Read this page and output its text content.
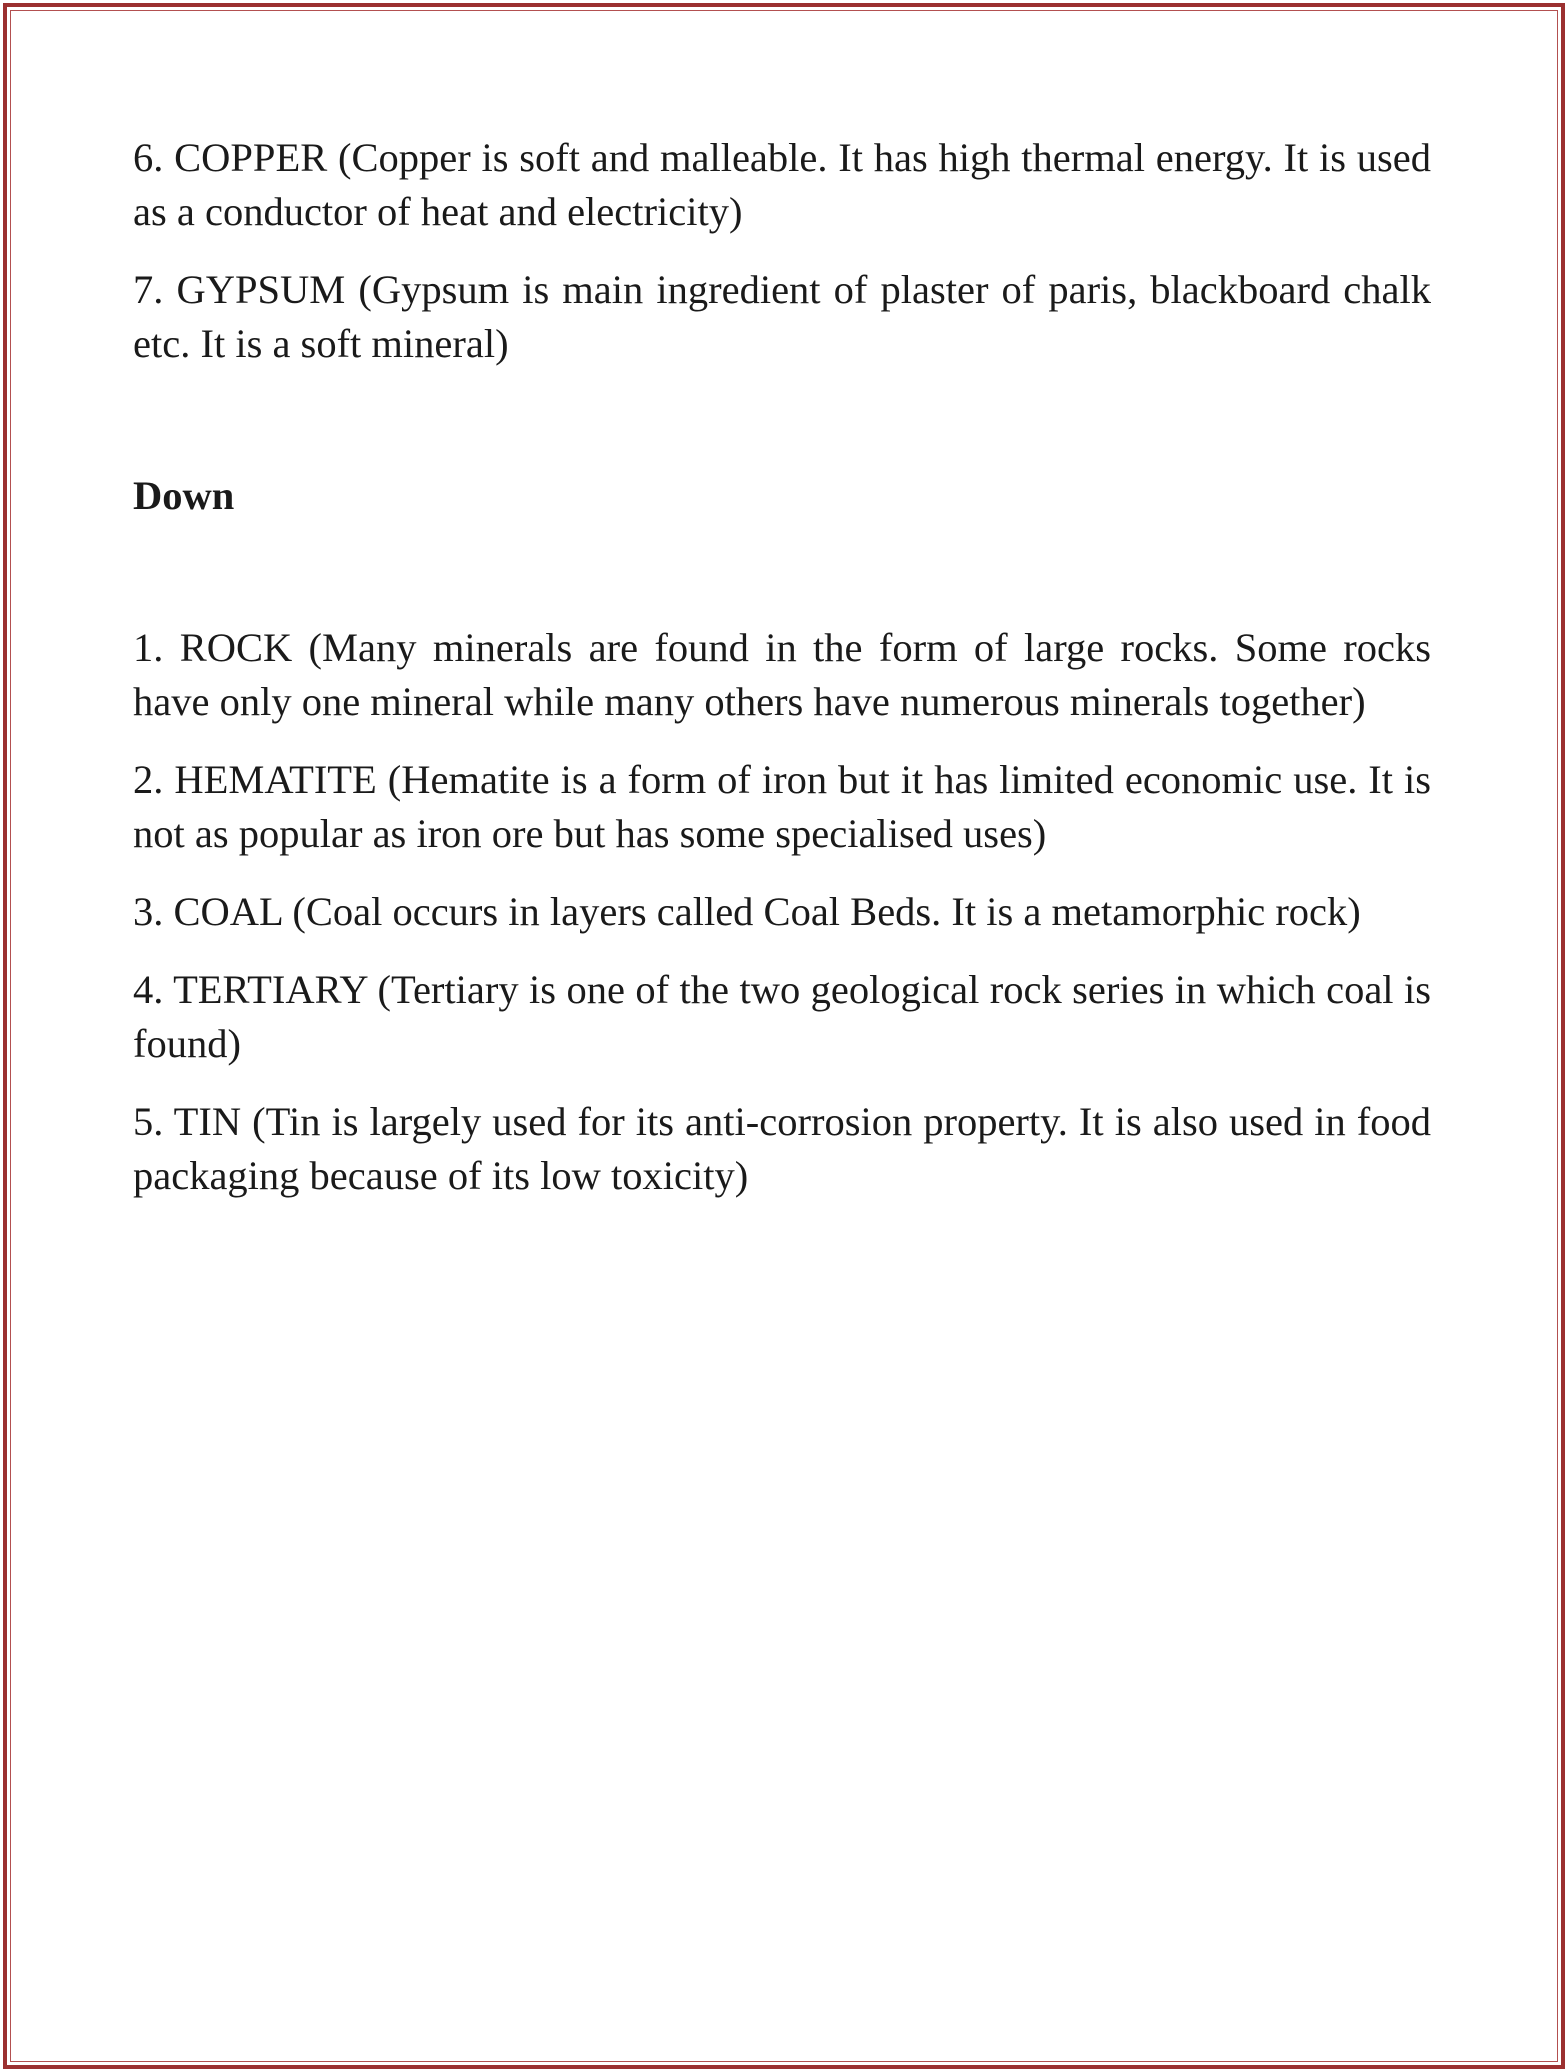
6. COPPER (Copper is soft and malleable. It has high thermal energy. It is used as a conductor of heat and electricity)

7. GYPSUM (Gypsum is main ingredient of plaster of paris, blackboard chalk etc. It is a soft mineral)

Down

1. ROCK (Many minerals are found in the form of large rocks. Some rocks have only one mineral while many others have numerous minerals together)

2. HEMATITE (Hematite is a form of iron but it has limited economic use. It is not as popular as iron ore but has some specialised uses)

3. COAL (Coal occurs in layers called Coal Beds. It is a metamorphic rock)

4. TERTIARY (Tertiary is one of the two geological rock series in which coal is found)

5. TIN (Tin is largely used for its anti-corrosion property. It is also used in food packaging because of its low toxicity)
